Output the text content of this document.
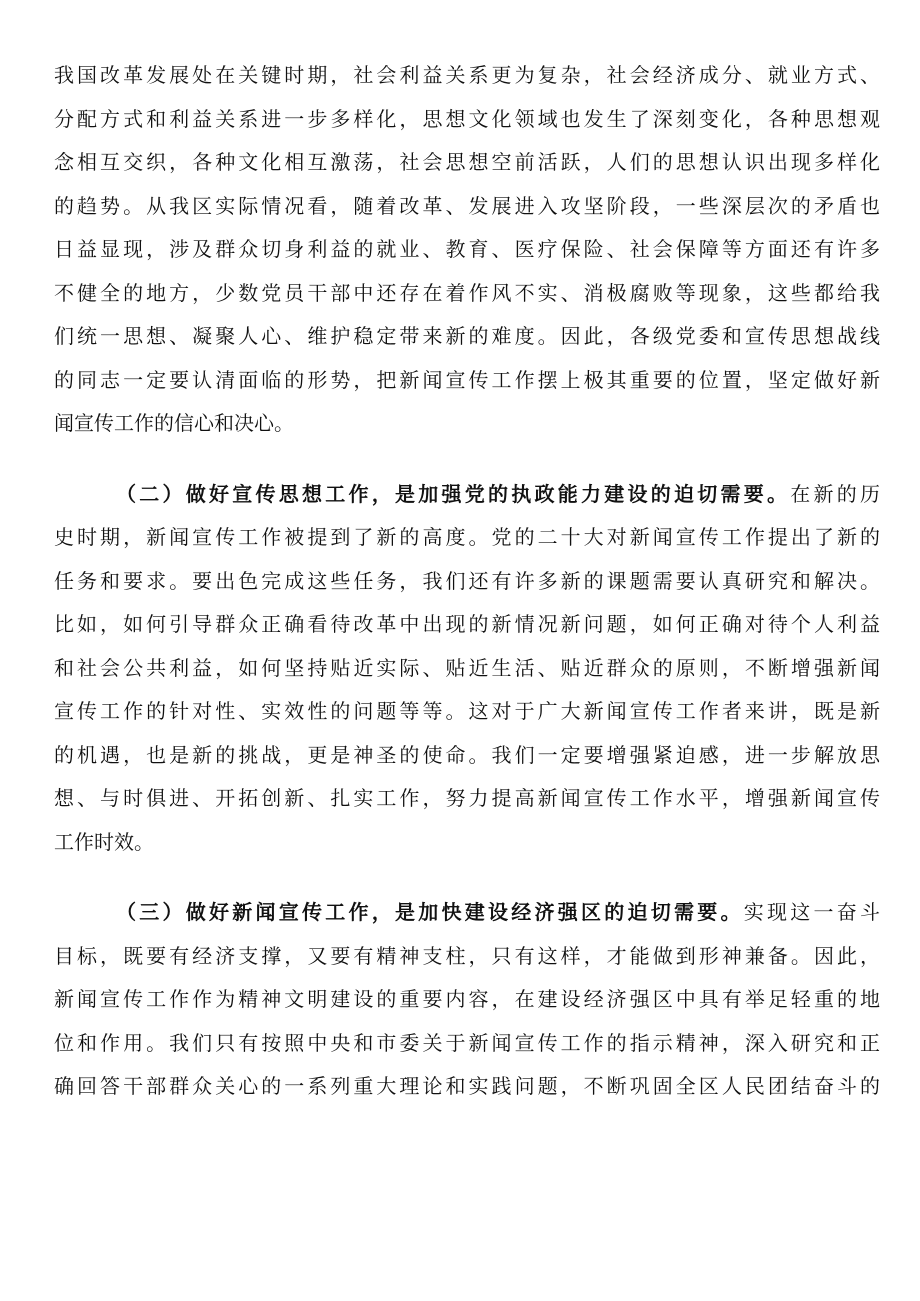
我国改革发展处在关键时期，社会利益关系更为复杂，社会经济成分、就业方式、
分配方式和利益关系进一步多样化，思想文化领域也发生了深刻变化，各种思想观
念相互交织，各种文化相互激荡，社会思想空前活跃，人们的思想认识出现多样化
的趋势。从我区实际情况看，随着改革、发展进入攻坚阶段，一些深层次的矛盾也
日益显现，涉及群众切身利益的就业、教育、医疗保险、社会保障等方面还有许多
不健全的地方，少数党员干部中还存在着作风不实、消极腐败等现象，这些都给我
们统一思想、凝聚人心、维护稳定带来新的难度。因此，各级党委和宣传思想战线
的同志一定要认清面临的形势，把新闻宣传工作摆上极其重要的位置，坚定做好新
闻宣传工作的信心和决心。
（二）做好宣传思想工作，是加强党的执政能力建设的迫切需要。在新的历
史时期，新闻宣传工作被提到了新的高度。党的二十大对新闻宣传工作提出了新的
任务和要求。要出色完成这些任务，我们还有许多新的课题需要认真研究和解决。
比如，如何引导群众正确看待改革中出现的新情况新问题，如何正确对待个人利益
和社会公共利益，如何坚持贴近实际、贴近生活、贴近群众的原则，不断增强新闻
宣传工作的针对性、实效性的问题等等。这对于广大新闻宣传工作者来讲，既是新
的机遇，也是新的挑战，更是神圣的使命。我们一定要增强紧迫感，进一步解放思
想、与时俱进、开拓创新、扎实工作，努力提高新闻宣传工作水平，增强新闻宣传
工作时效。
（三）做好新闻宣传工作，是加快建设经济强区的迫切需要。实现这一奋斗
目标，既要有经济支撑，又要有精神支柱，只有这样，才能做到形神兼备。因此，
新闻宣传工作作为精神文明建设的重要内容，在建设经济强区中具有举足轻重的地
位和作用。我们只有按照中央和市委关于新闻宣传工作的指示精神，深入研究和正
确回答干部群众关心的一系列重大理论和实践问题，不断巩固全区人民团结奋斗的
